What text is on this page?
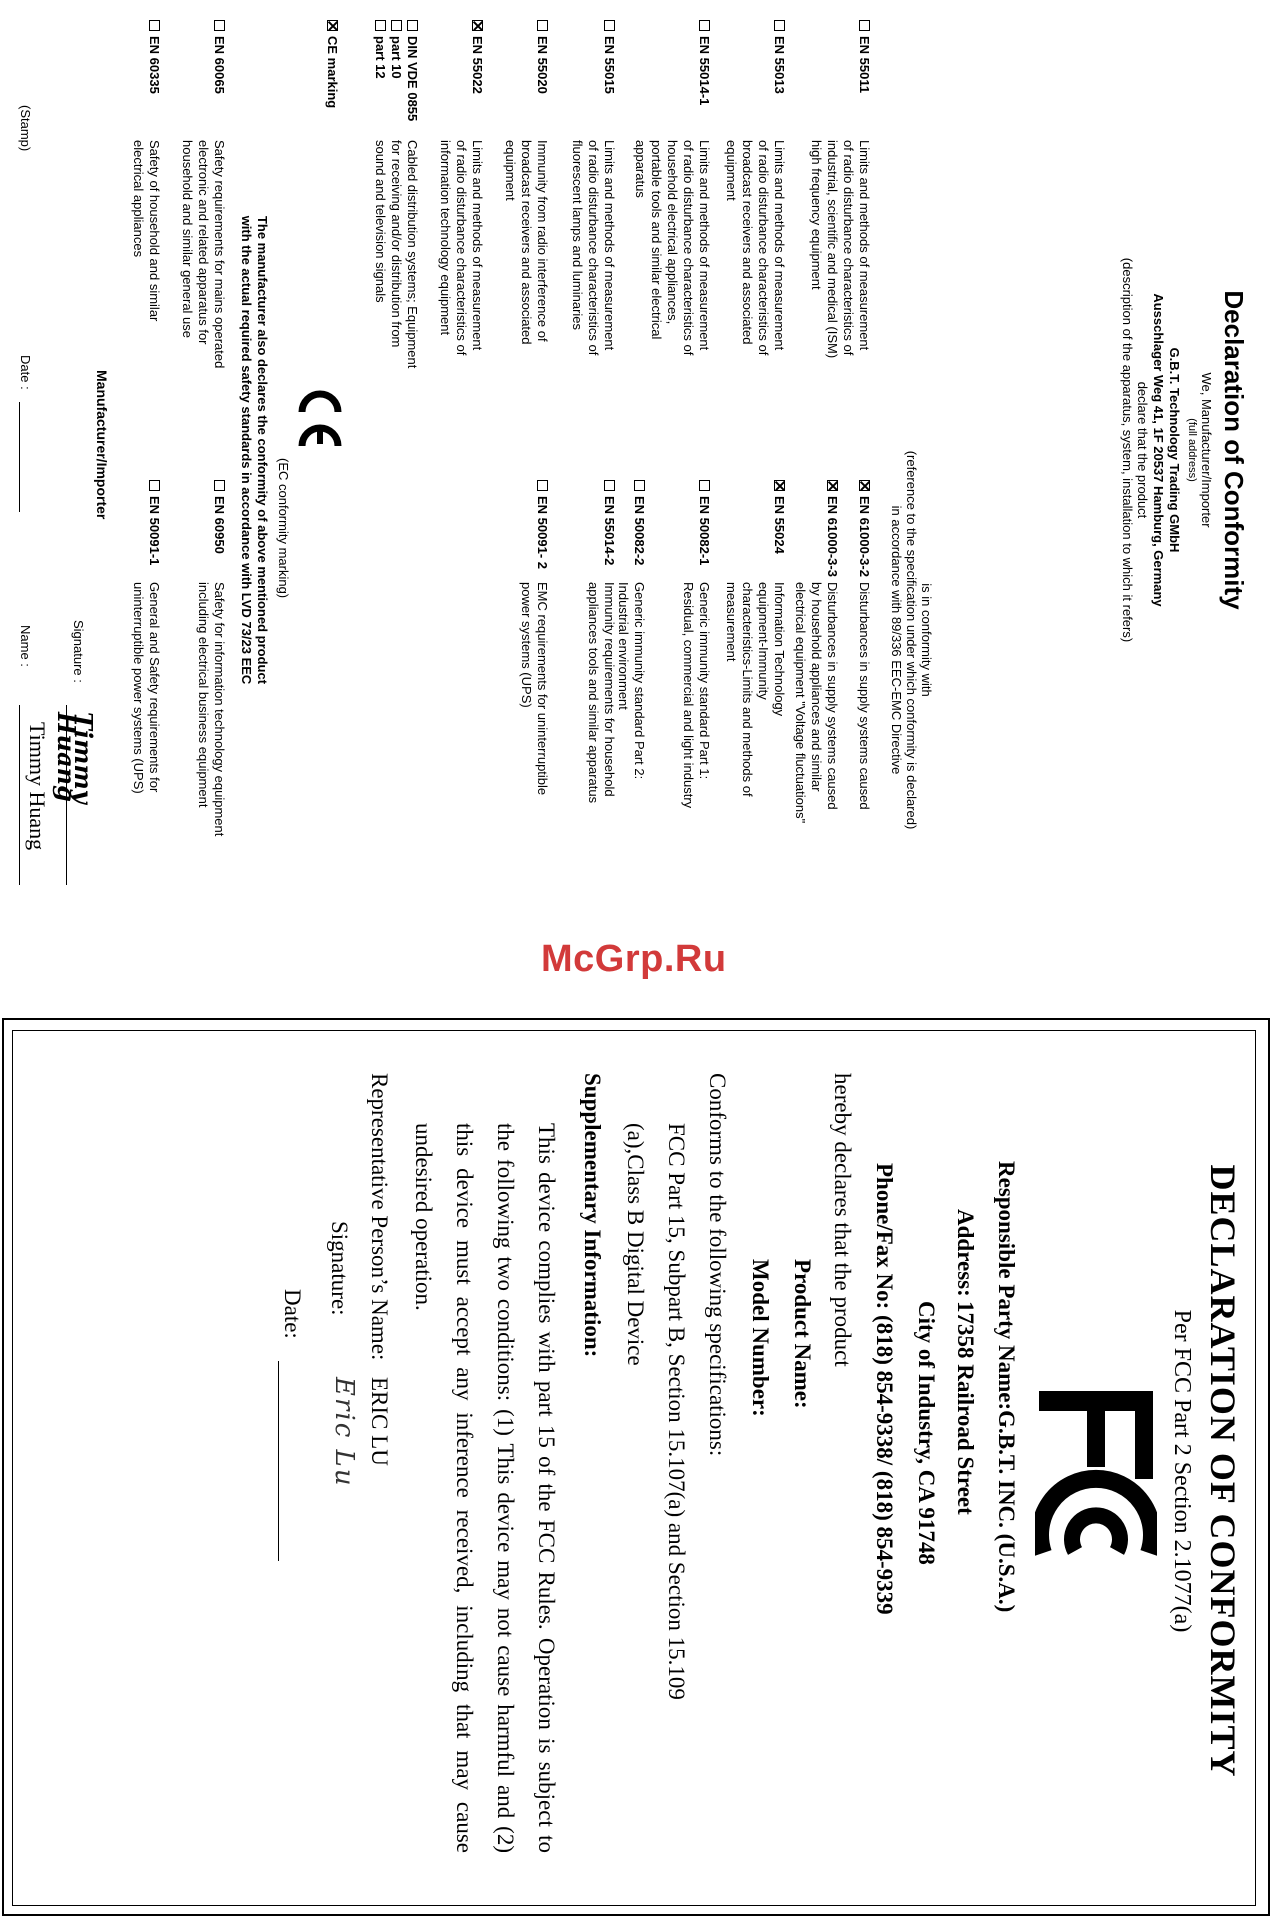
Declaration of Conformity
We, Manufacturer/Importer
(full address)
G.B.T. Technology Trading GMbH
Ausschlager Weg 41, 1F 20537 Hamburg, Germany
declare that the product
(description of the apparatus, system, installation to which it refers)
is in conformity with
(reference to the specification under which conformity is declared)
in accordance with 89/336 EEC-EMC Directive
EN 55011
Limits and methods of measurement
of radio disturbance characteristics of
industrial, scientific and medical (ISM)
high frequency equipment
EN 55013
Limits and methods of measurement
of radio disturbance characteristics of
broadcast receivers and associated
equipment
EN 55014-1
Limits and methods of measurement
of radio disturbance characteristics of
household electrical appliances,
portable tools and similar electrical
apparatus
EN 55015
Limits and methods of measurement
of radio disturbance characteristics of
fluorescent lamps and luminaries
EN 55020
Immunity from radio interference of
broadcast receivers and associated
equipment
EN 55022
Limits and methods of measurement
of radio disturbance characteristics of
information technology equipment
DIN VDE 0855
part 10
part 12
Cabled distribution systems; Equipment
for receiving and/or distribution from
sound and television signals
CE marking
EN 61000-3-2
Disturbances in supply systems caused
EN 61000-3-3
Disturbances in supply systems caused
by household appliances and similar
electrical equipment "Voltage fluctuations"
EN 55024
Information Technology
equipment-Immunity
characteristics-Limits and methods of
measurement
EN 50082-1
Generic immunity standard Part 1:
Residual, commercial and light industry
EN 50082-2
Generic immunity standard Part 2:
Industrial environment
EN 55014-2
Immunity requirements for household
appliances tools and similar apparatus
EN 50091- 2
EMC requirements for uninterruptible
power systems (UPS)
(EC conformity marking)
The manufacturer also declares the conformity of above mentioned product
with the actual required safety standards in accordance with LVD 73/23 EEC
EN 60065
Safety requirements for mains operated
electronic and related apparatus for
household and similar general use
EN 60335
Safety of household and similar
electrical appliances
EN 60950
Safety for information technology equipment
including electrical business equipment
EN 50091-1
General and Safety requirements for
uninterruptible power systems (UPS)
Manufacturer/Importer
Signature :
Timmy Huang
(Stamp)
Date :
Name :
Timmy Huang
McGrp.Ru
DECLARATION OF CONFORMITY
Per FCC Part 2 Section 2.1077(a)
Responsible Party Name:G.B.T. INC. (U.S.A.)
Address:
17358 Railroad Street
City of Industry, CA 91748
Phone/Fax No: (818) 854-9338/ (818) 854-9339
hereby declares that the product
Product Name:
Model Number:
Conforms to the following specifications:
FCC Part 15, Subpart B, Section 15.107(a) and Section 15.109
(a),Class B Digital Device
Supplementary Information:
This device complies with part 15 of the FCC Rules. Operation is subject to the following two conditions: (1) This device may not cause harmful and (2) this device must accept any inference received, including that may cause undesired operation.
Representative Person’s Name:
ERIC LU
Signature:
Eric Lu
Date:
